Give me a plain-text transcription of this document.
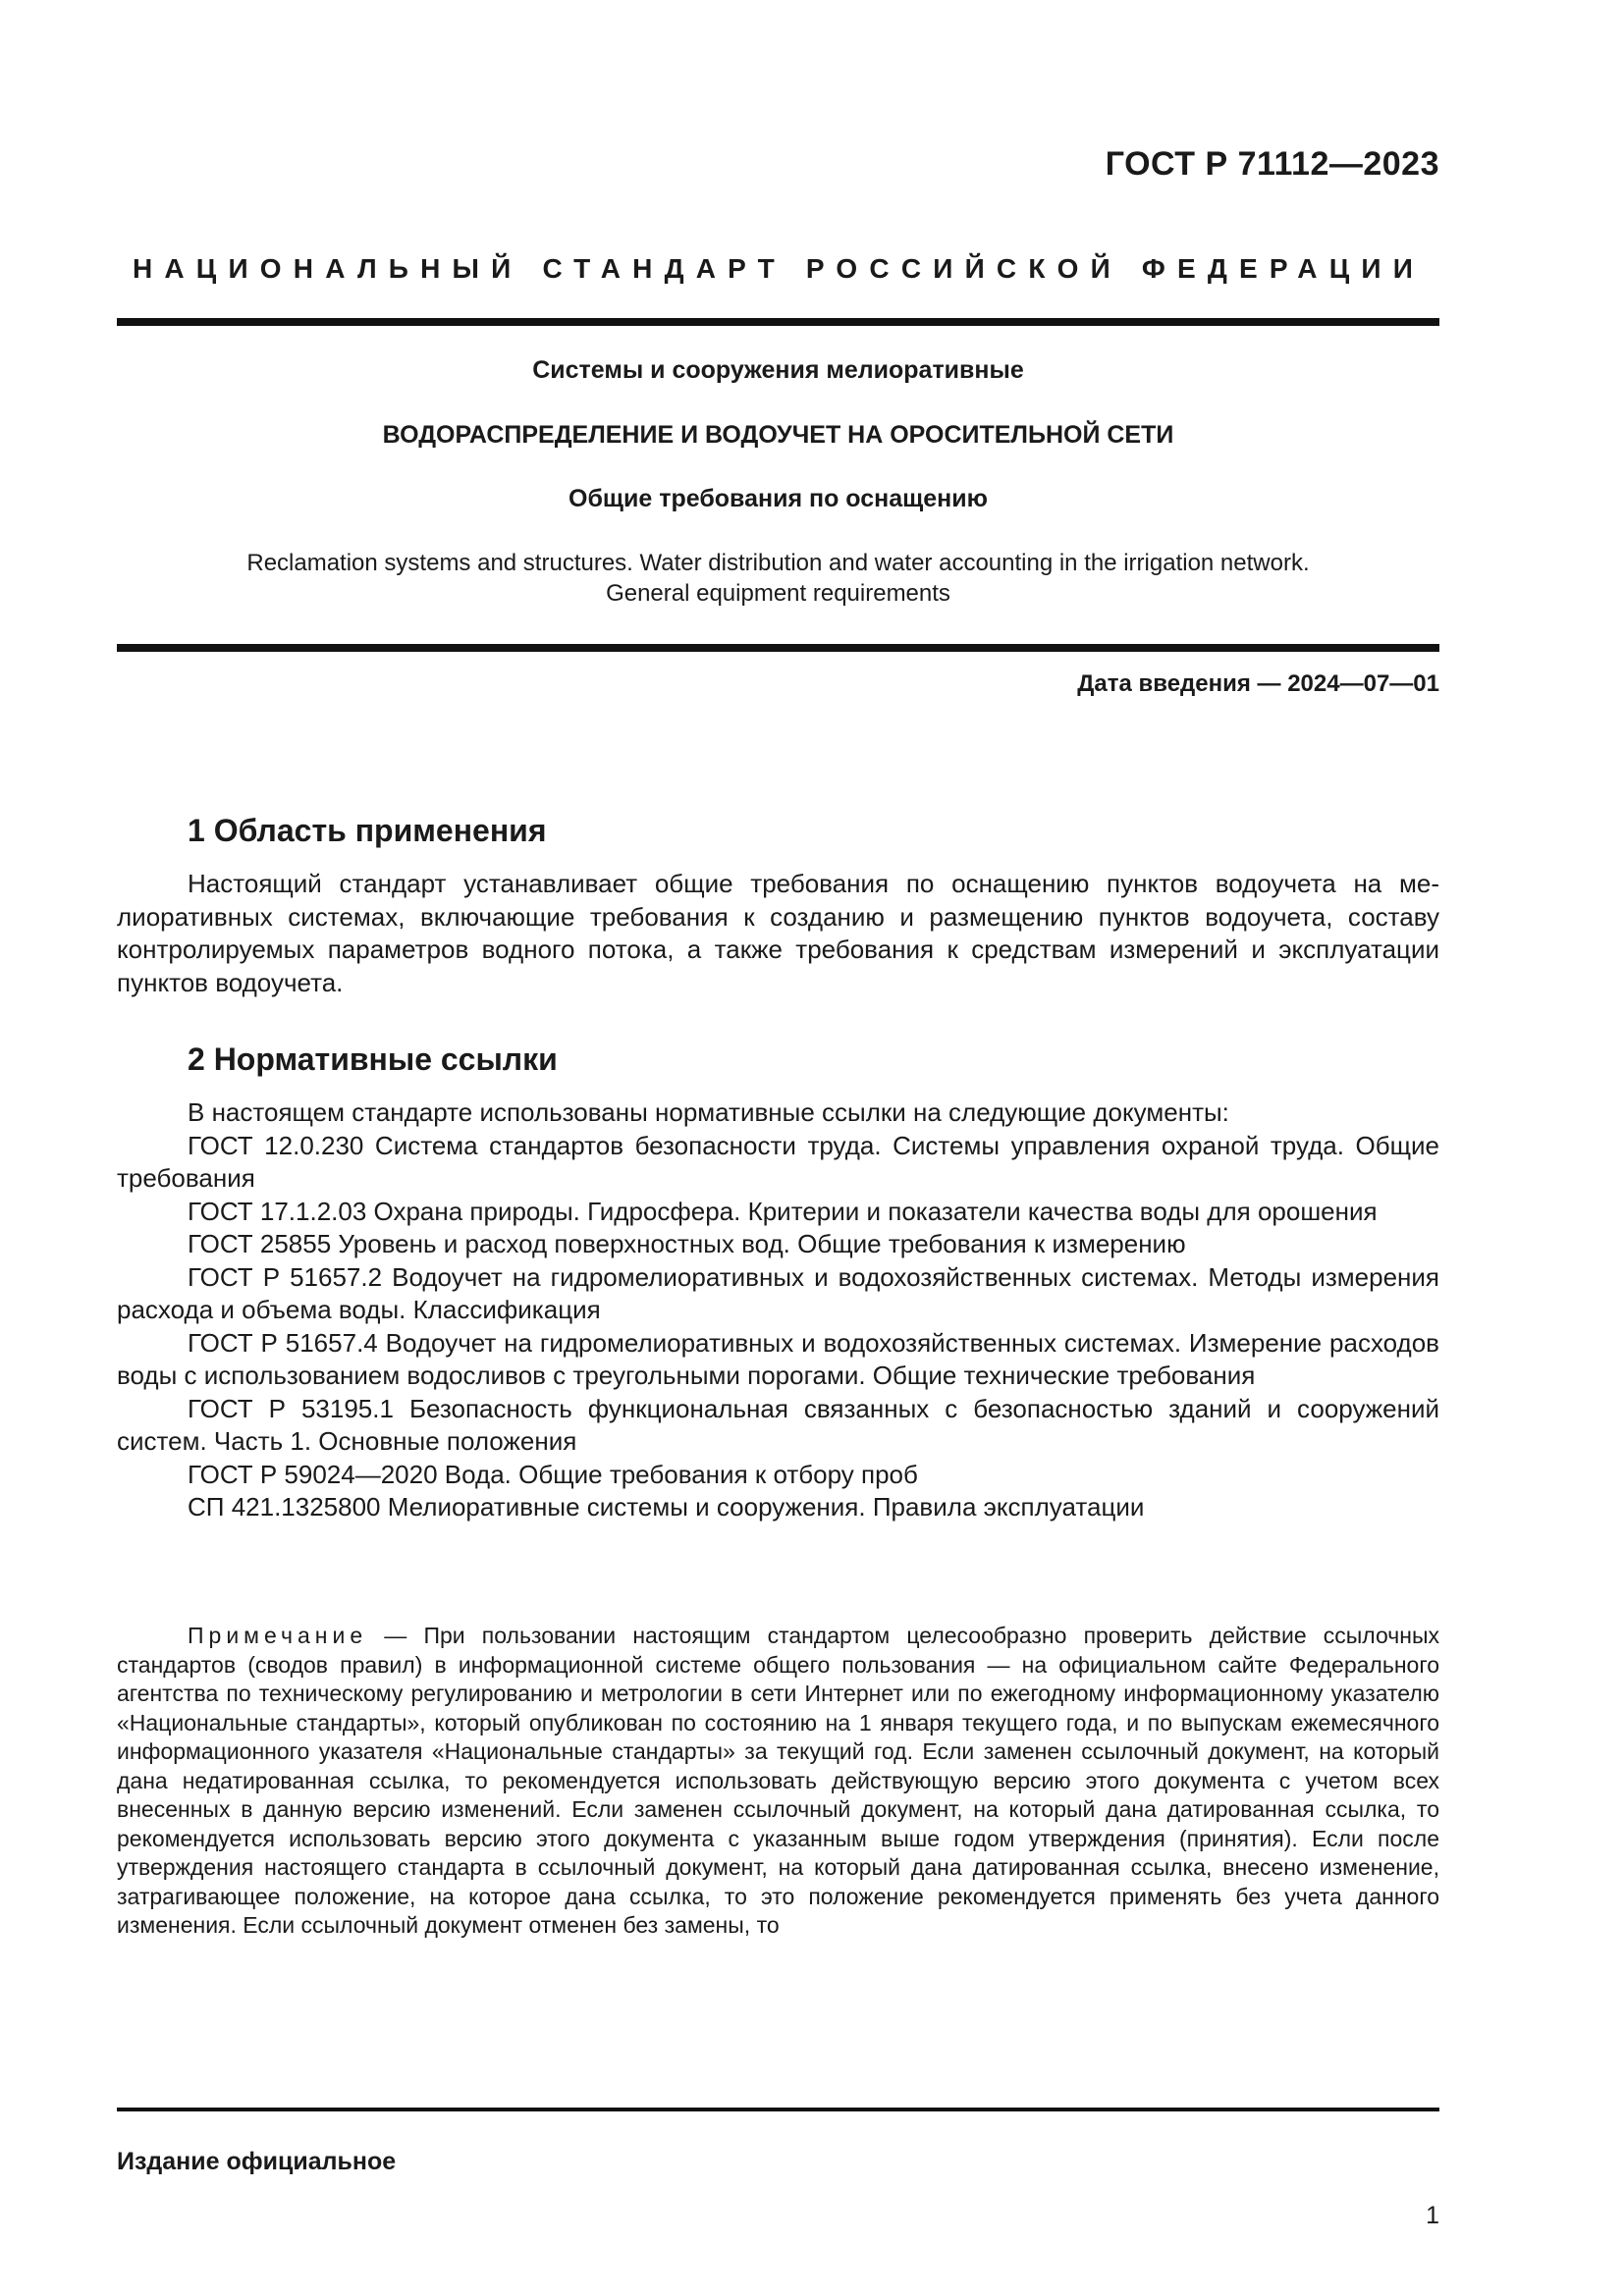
ГОСТ Р 71112—2023
НАЦИОНАЛЬНЫЙ СТАНДАРТ РОССИЙСКОЙ ФЕДЕРАЦИИ
Системы и сооружения мелиоративные
ВОДОРАСПРЕДЕЛЕНИЕ И ВОДОУЧЕТ НА ОРОСИТЕЛЬНОЙ СЕТИ
Общие требования по оснащению
Reclamation systems and structures. Water distribution and water accounting in the irrigation network.
General equipment requirements
Дата введения — 2024—07—01
1 Область применения

Настоящий стандарт устанавливает общие требования по оснащению пунктов водоучета на мелиоративных системах, включающие требования к созданию и размещению пунктов водоучета, составу контролируемых параметров водного потока, а также требования к средствам измерений и эксплуатации пунктов водоучета.

2 Нормативные ссылки

В настоящем стандарте использованы нормативные ссылки на следующие документы:

ГОСТ 12.0.230 Система стандартов безопасности труда. Системы управления охраной труда. Общие требования

ГОСТ 17.1.2.03 Охрана природы. Гидросфера. Критерии и показатели качества воды для орошения

ГОСТ 25855 Уровень и расход поверхностных вод. Общие требования к измерению

ГОСТ Р 51657.2 Водоучет на гидромелиоративных и водохозяйственных системах. Методы измерения расхода и объема воды. Классификация

ГОСТ Р 51657.4 Водоучет на гидромелиоративных и водохозяйственных системах. Измерение расходов воды с использованием водосливов с треугольными порогами. Общие технические требования

ГОСТ Р 53195.1 Безопасность функциональная связанных с безопасностью зданий и сооружений систем. Часть 1. Основные положения

ГОСТ Р 59024—2020 Вода. Общие требования к отбору проб

СП 421.1325800 Мелиоративные системы и сооружения. Правила эксплуатации

Примечание — При пользовании настоящим стандартом целесообразно проверить действие ссылочных стандартов (сводов правил) в информационной системе общего пользования — на официальном сайте Федерального агентства по техническому регулированию и метрологии в сети Интернет или по ежегодному информационному указателю «Национальные стандарты», который опубликован по состоянию на 1 января текущего года, и по выпускам ежемесячного информационного указателя «Национальные стандарты» за текущий год. Если заменен ссылочный документ, на который дана недатированная ссылка, то рекомендуется использовать действующую версию этого документа с учетом всех внесенных в данную версию изменений. Если заменен ссылочный документ, на который дана датированная ссылка, то рекомендуется использовать версию этого документа с указанным выше годом утверждения (принятия). Если после утверждения настоящего стандарта в ссылочный документ, на который дана датированная ссылка, внесено изменение, затрагивающее положение, на которое дана ссылка, то это положение рекомендуется применять без учета данного изменения. Если ссылочный документ отменен без замены, то

Издание официальное
1
